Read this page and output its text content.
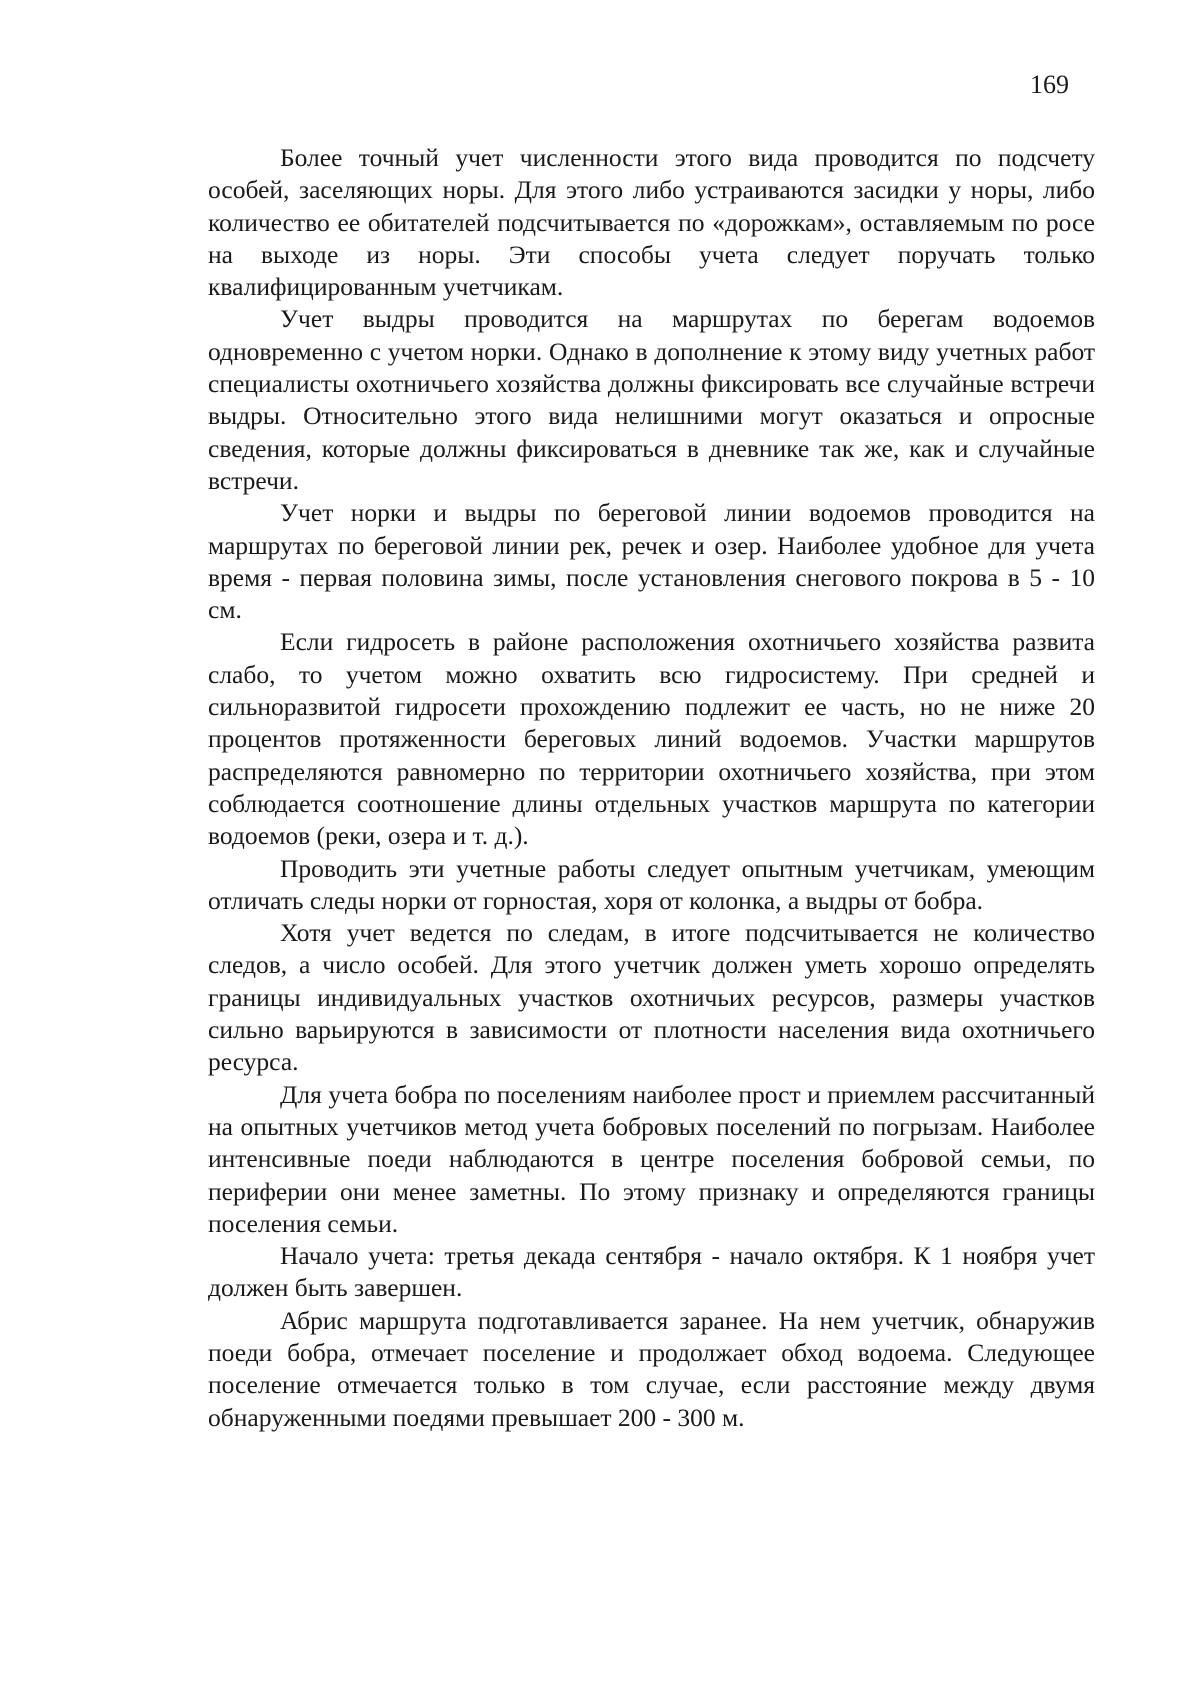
169

Более точный учет численности этого вида проводится по подсчету особей, заселяющих норы. Для этого либо устраиваются засидки у норы, либо количество ее обитателей подсчитывается по «дорожкам», оставляемым по росе на выходе из норы. Эти способы учета следует поручать только квалифицированным учетчикам.

Учет выдры проводится на маршрутах по берегам водоемов одновременно с учетом норки. Однако в дополнение к этому виду учетных работ специалисты охотничьего хозяйства должны фиксировать все случайные встречи выдры. Относительно этого вида нелишними могут оказаться и опросные сведения, которые должны фиксироваться в дневнике так же, как и случайные встречи.

Учет норки и выдры по береговой линии водоемов проводится на маршрутах по береговой линии рек, речек и озер. Наиболее удобное для учета время - первая половина зимы, после установления снегового покрова в 5 - 10 см.

Если гидросеть в районе расположения охотничьего хозяйства развита слабо, то учетом можно охватить всю гидросистему. При средней и сильноразвитой гидросети прохождению подлежит ее часть, но не ниже 20 процентов протяженности береговых линий водоемов. Участки маршрутов распределяются равномерно по территории охотничьего хозяйства, при этом соблюдается соотношение длины отдельных участков маршрута по категории водоемов (реки, озера и т. д.).

Проводить эти учетные работы следует опытным учетчикам, умеющим отличать следы норки от горностая, хоря от колонка, а выдры от бобра.

Хотя учет ведется по следам, в итоге подсчитывается не количество следов, а число особей. Для этого учетчик должен уметь хорошо определять границы индивидуальных участков охотничьих ресурсов, размеры участков сильно варьируются в зависимости от плотности населения вида охотничьего ресурса.

Для учета бобра по поселениям наиболее прост и приемлем рассчитанный на опытных учетчиков метод учета бобровых поселений по погрызам. Наиболее интенсивные поеди наблюдаются в центре поселения бобровой семьи, по периферии они менее заметны. По этому признаку и определяются границы поселения семьи.

Начало учета: третья декада сентября - начало октября. К 1 ноября учет должен быть завершен.

Абрис маршрута подготавливается заранее. На нем учетчик, обнаружив поеди бобра, отмечает поселение и продолжает обход водоема. Следующее поселение отмечается только в том случае, если расстояние между двумя обнаруженными поедями превышает 200 - 300 м.
